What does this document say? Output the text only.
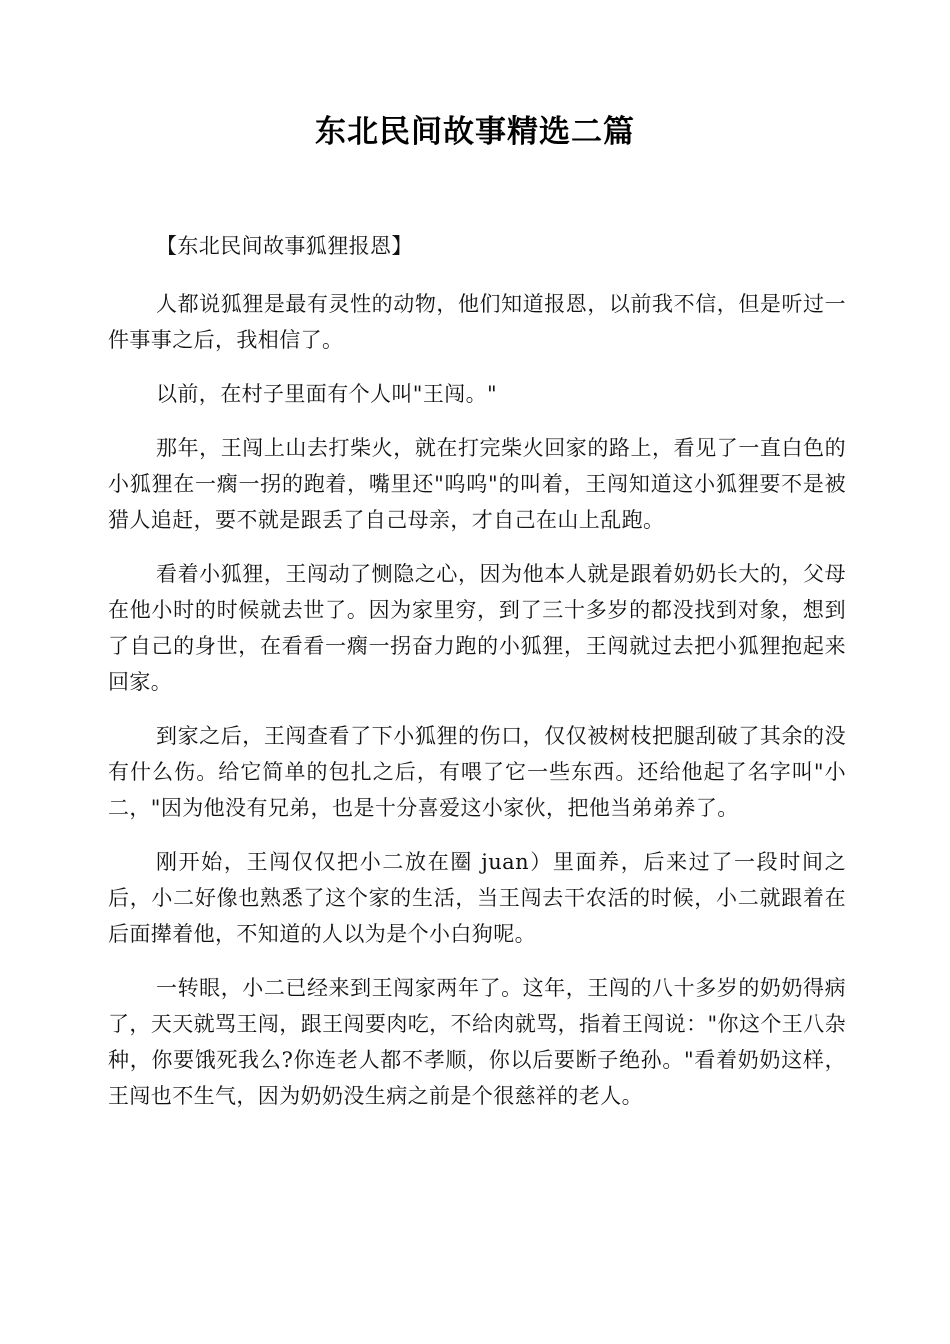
东北民间故事精选二篇

【东北民间故事狐狸报恩】

人都说狐狸是最有灵性的动物，他们知道报恩，以前我不信，但是听过一件事事之后，我相信了。

以前，在村子里面有个人叫"王闯。"

那年，王闯上山去打柴火，就在打完柴火回家的路上，看见了一直白色的小狐狸在一瘸一拐的跑着，嘴里还"呜呜"的叫着，王闯知道这小狐狸要不是被猎人追赶，要不就是跟丢了自己母亲，才自己在山上乱跑。

看着小狐狸，王闯动了恻隐之心，因为他本人就是跟着奶奶长大的，父母在他小时的时候就去世了。因为家里穷，到了三十多岁的都没找到对象，想到了自己的身世，在看看一瘸一拐奋力跑的小狐狸，王闯就过去把小狐狸抱起来回家。

到家之后，王闯查看了下小狐狸的伤口，仅仅被树枝把腿刮破了其余的没有什么伤。给它简单的包扎之后，有喂了它一些东西。还给他起了名字叫"小二，"因为他没有兄弟，也是十分喜爱这小家伙，把他当弟弟养了。

刚开始，王闯仅仅把小二放在圈 juan）里面养，后来过了一段时间之后，小二好像也熟悉了这个家的生活，当王闯去干农活的时候，小二就跟着在后面撵着他，不知道的人以为是个小白狗呢。

一转眼，小二已经来到王闯家两年了。这年，王闯的八十多岁的奶奶得病了，天天就骂王闯，跟王闯要肉吃，不给肉就骂，指着王闯说："你这个王八杂种，你要饿死我么?你连老人都不孝顺，你以后要断子绝孙。"看着奶奶这样，王闯也不生气，因为奶奶没生病之前是个很慈祥的老人。
